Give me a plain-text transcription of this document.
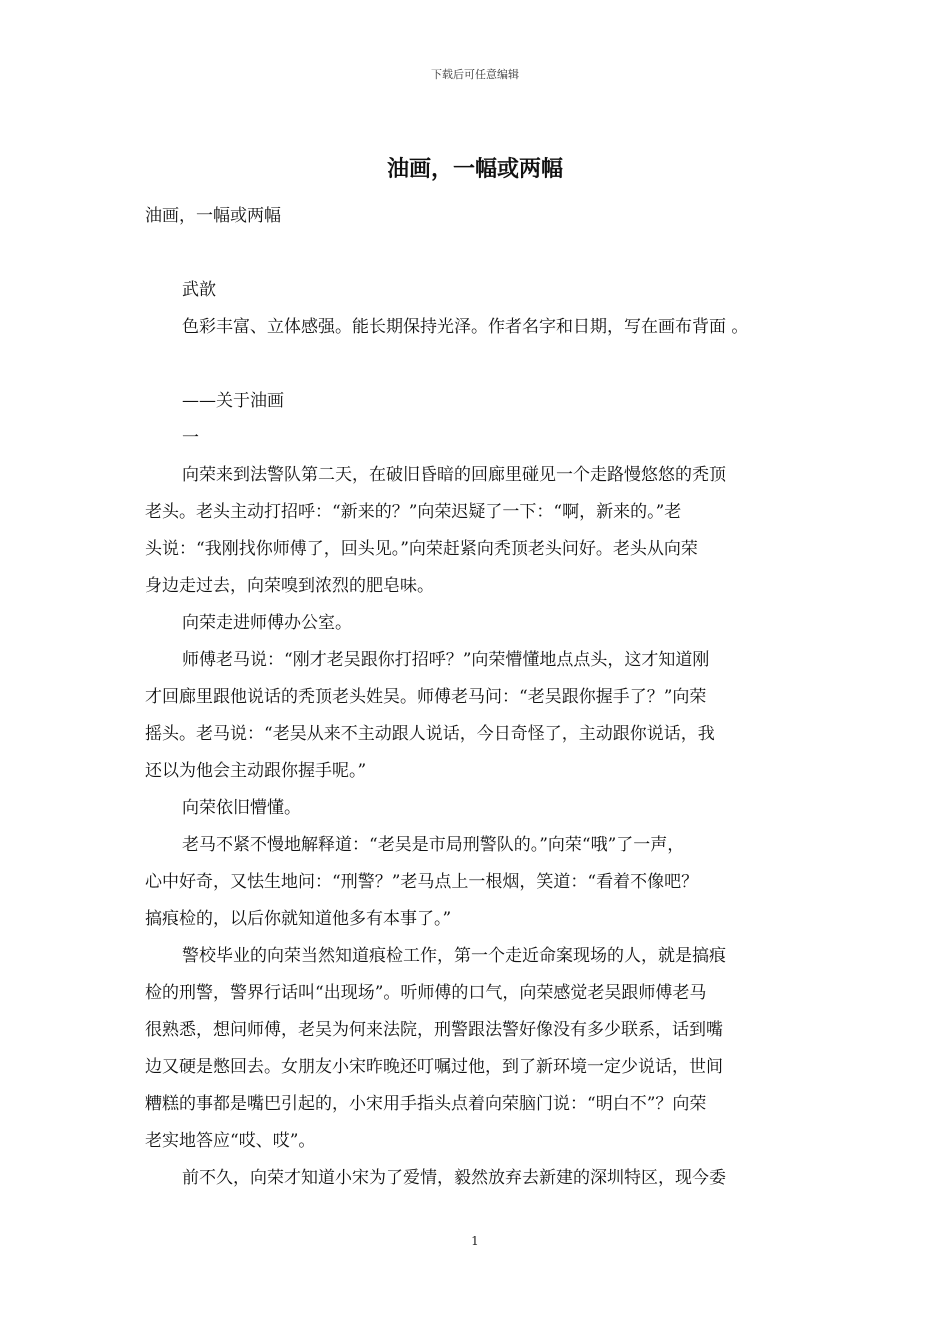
下载后可任意编辑
油画，一幅或两幅
油画，一幅或两幅
武歆
色彩丰富、立体感强。能长期保持光泽。作者名字和日期，写在画布背面 。
——关于油画
一
向荣来到法警队第二天，在破旧昏暗的回廊里碰见一个走路慢悠悠的秃顶
老头。老头主动打招呼：“新来的？”向荣迟疑了一下：“啊，新来的。”老
头说：“我刚找你师傅了，回头见。”向荣赶紧向秃顶老头问好。老头从向荣
身边走过去，向荣嗅到浓烈的肥皂味。
向荣走进师傅办公室。
师傅老马说：“刚才老吴跟你打招呼？”向荣懵懂地点点头，这才知道刚
才回廊里跟他说话的秃顶老头姓吴。师傅老马问：“老吴跟你握手了？”向荣
摇头。老马说：“老吴从来不主动跟人说话，今日奇怪了，主动跟你说话，我
还以为他会主动跟你握手呢。”
向荣依旧懵懂。
老马不紧不慢地解释道：“老吴是市局刑警队的。”向荣“哦”了一声，
心中好奇，又怯生地问：“刑警？”老马点上一根烟，笑道：“看着不像吧？
搞痕检的，以后你就知道他多有本事了。”
警校毕业的向荣当然知道痕检工作，第一个走近命案现场的人，就是搞痕
检的刑警，警界行话叫“出现场”。听师傅的口气，向荣感觉老吴跟师傅老马
很熟悉，想问师傅，老吴为何来法院，刑警跟法警好像没有多少联系，话到嘴
边又硬是憋回去。女朋友小宋昨晚还叮嘱过他，到了新环境一定少说话，世间
糟糕的事都是嘴巴引起的，小宋用手指头点着向荣脑门说：“明白不”？向荣
老实地答应“哎、哎”。
前不久，向荣才知道小宋为了爱情，毅然放弃去新建的深圳特区，现今委
1
